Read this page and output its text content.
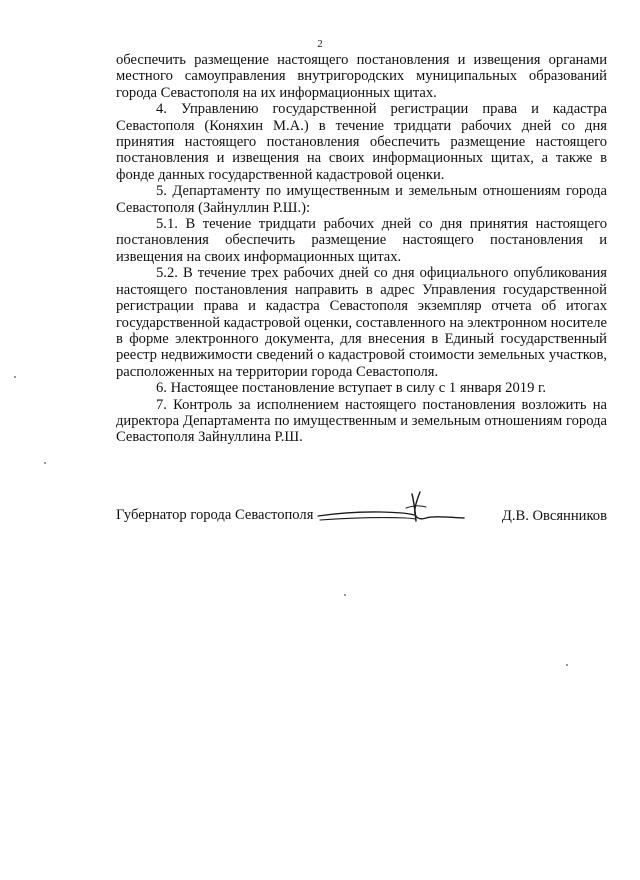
2

обеспечить размещение настоящего постановления и извещения органами местного самоуправления внутригородских муниципальных образований города Севастополя на их информационных щитах.

4. Управлению государственной регистрации права и кадастра Севастополя (Коняхин М.А.) в течение тридцати рабочих дней со дня принятия настоящего постановления обеспечить размещение настоящего постановления и извещения на своих информационных щитах, а также в фонде данных государственной кадастровой оценки.

5. Департаменту по имущественным и земельным отношениям города Севастополя (Зайнуллин Р.Ш.):

5.1. В течение тридцати рабочих дней со дня принятия настоящего постановления обеспечить размещение настоящего постановления и извещения на своих информационных щитах.

5.2. В течение трех рабочих дней со дня официального опубликования настоящего постановления направить в адрес Управления государственной регистрации права и кадастра Севастополя экземпляр отчета об итогах государственной кадастровой оценки, составленного на электронном носителе в форме электронного документа, для внесения в Единый государственный реестр недвижимости сведений о кадастровой стоимости земельных участков, расположенных на территории города Севастополя.

6. Настоящее постановление вступает в силу с 1 января 2019 г.

7. Контроль за исполнением настоящего постановления возложить на директора Департамента по имущественным и земельным отношениям города Севастополя Зайнуллина Р.Ш.

Губернатор города Севастополя	Д.В. Овсянников
